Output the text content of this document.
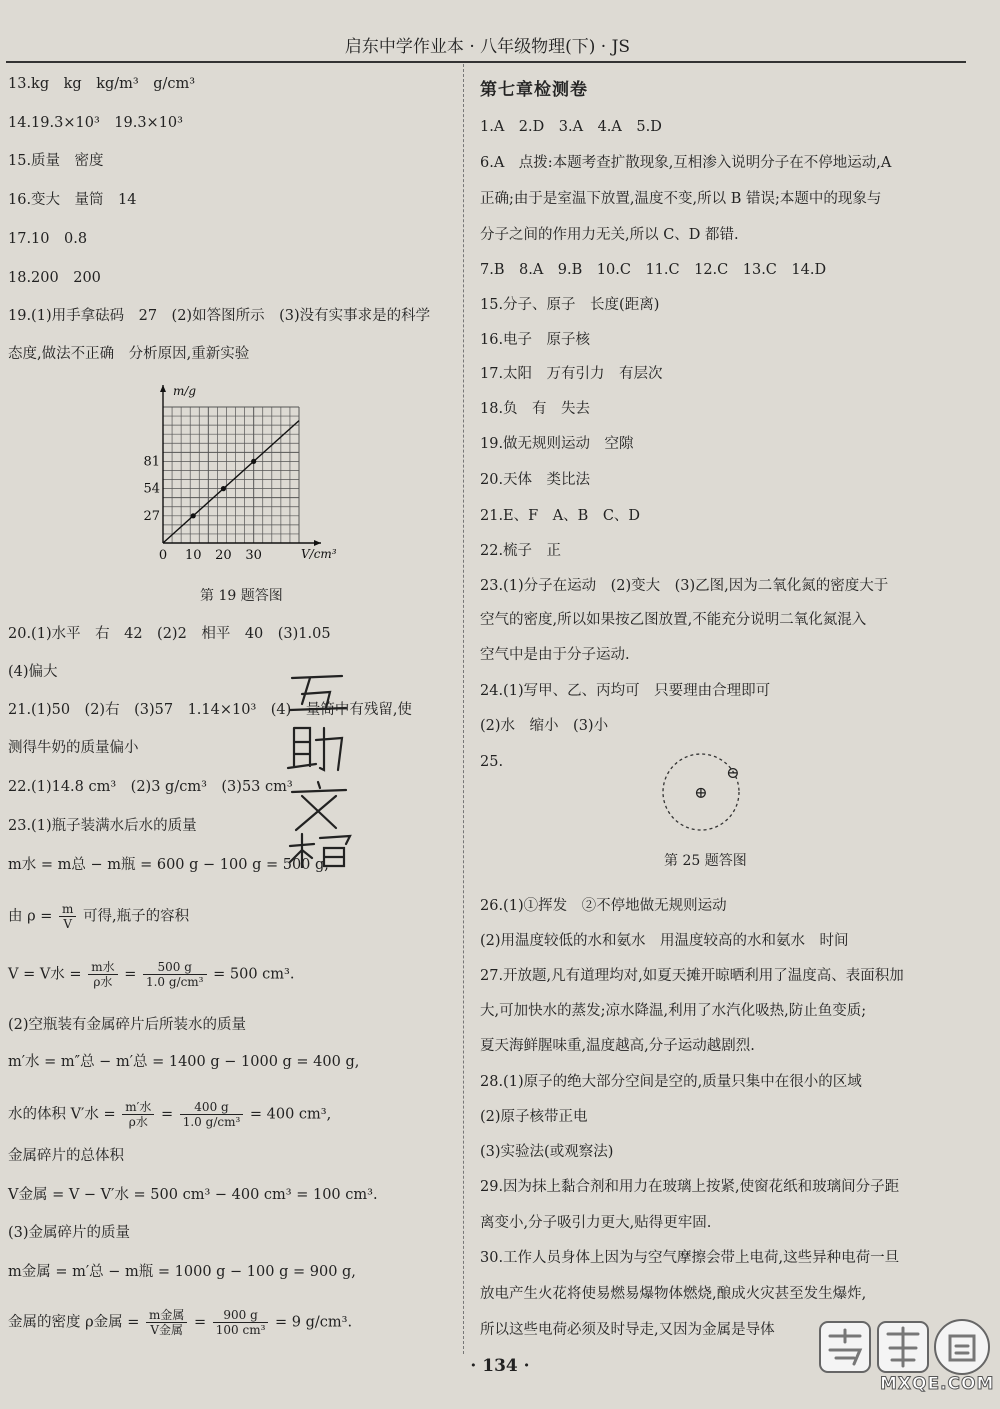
启东中学作业本 · 八年级物理(下) · JS
13.kg　kg　kg/m³　g/cm³
14.19.3×10³　19.3×10³
15.质量　密度
16.变大　量筒　14
17.10　0.8
18.200　200
19.(1)用手拿砝码　27　(2)如答图所示　(3)没有实事求是的科学
态度,做法不正确　分析原因,重新实验
m/g
V/cm³
0 10 20 30
27
54
81
第 19 题答图
20.(1)水平　右　42　(2)2　相平　40　(3)1.05
(4)偏大
21.(1)50　(2)右　(3)57　1.14×10³　(4)　量筒中有残留,使
测得牛奶的质量偏小
22.(1)14.8 cm³　(2)3 g/cm³　(3)53 cm³
23.(1)瓶子装满水后水的质量
m水 = m总 − m瓶 = 600 g − 100 g = 500 g,
由 $\rho = \frac{m}{V}$ 可得,瓶子的容积
V = V水 = $\frac{\text{m水}}{\text{ρ水}} = \frac{500 g}{\text{1.0 g/cm³}} = 500$ cm³.
(2)空瓶装有金属碎片后所装水的质量
m′水 = m″总 − m′总 = 1400 g − 1000 g = 400 g,
水的体积 V′水 = $\frac{\text{m′水}}{\text{ρ水}} = \frac{400 g}{\text{1.0 g/cm³}} = 400$ cm³,
金属碎片的总体积
V金属 = V − V′水 = 500 cm³ − 400 cm³ = 100 cm³.
(3)金属碎片的质量
m金属 = m′总 − m瓶 = 1000 g − 100 g = 900 g,
金属的密度 ρ金属 = $\frac{\text{m金属}}{\text{V金属}} = \frac{900 g}{\text{100 cm³}} = 9$ g/cm³.
第七章检测卷
1.A　2.D　3.A　4.A　5.D
6.A　点拨:本题考查扩散现象,互相渗入说明分子在不停地运动,A
正确;由于是室温下放置,温度不变,所以 B 错误;本题中的现象与
分子之间的作用力无关,所以 C、D 都错.
7.B　8.A　9.B　10.C　11.C　12.C　13.C　14.D
15.分子、原子　长度(距离)
16.电子　原子核
17.太阳　万有引力　有层次
18.负　有　失去
19.做无规则运动　空隙
20.天体　类比法
21.E、F　A、B　C、D
22.梳子　正
23.(1)分子在运动　(2)变大　(3)乙图,因为二氧化氮的密度大于
空气的密度,所以如果按乙图放置,不能充分说明二氧化氮混入
空气中是由于分子运动.
24.(1)写甲、乙、丙均可　只要理由合理即可
(2)水　缩小　(3)小
25.
⊕
⊖
第 25 题答图
26.(1)①挥发　②不停地做无规则运动
(2)用温度较低的水和氨水　用温度较高的水和氨水　时间
27.开放题,凡有道理均对,如夏天摊开晾晒利用了温度高、表面积加
大,可加快水的蒸发;凉水降温,利用了水汽化吸热,防止鱼变质;
夏天海鲜腥味重,温度越高,分子运动越剧烈.
28.(1)原子的绝大部分空间是空的,质量只集中在很小的区域
(2)原子核带正电
(3)实验法(或观察法)
29.因为抹上黏合剂和用力在玻璃上按紧,使窗花纸和玻璃间分子距
离变小,分子吸引力更大,贴得更牢固.
30.工作人员身体上因为与空气摩擦会带上电荷,这些异种电荷一旦
放电产生火花将使易燃易爆物体燃烧,酿成火灾甚至发生爆炸,
所以这些电荷必须及时导走,又因为金属是导体
· 134 ·
MXQE.COM
